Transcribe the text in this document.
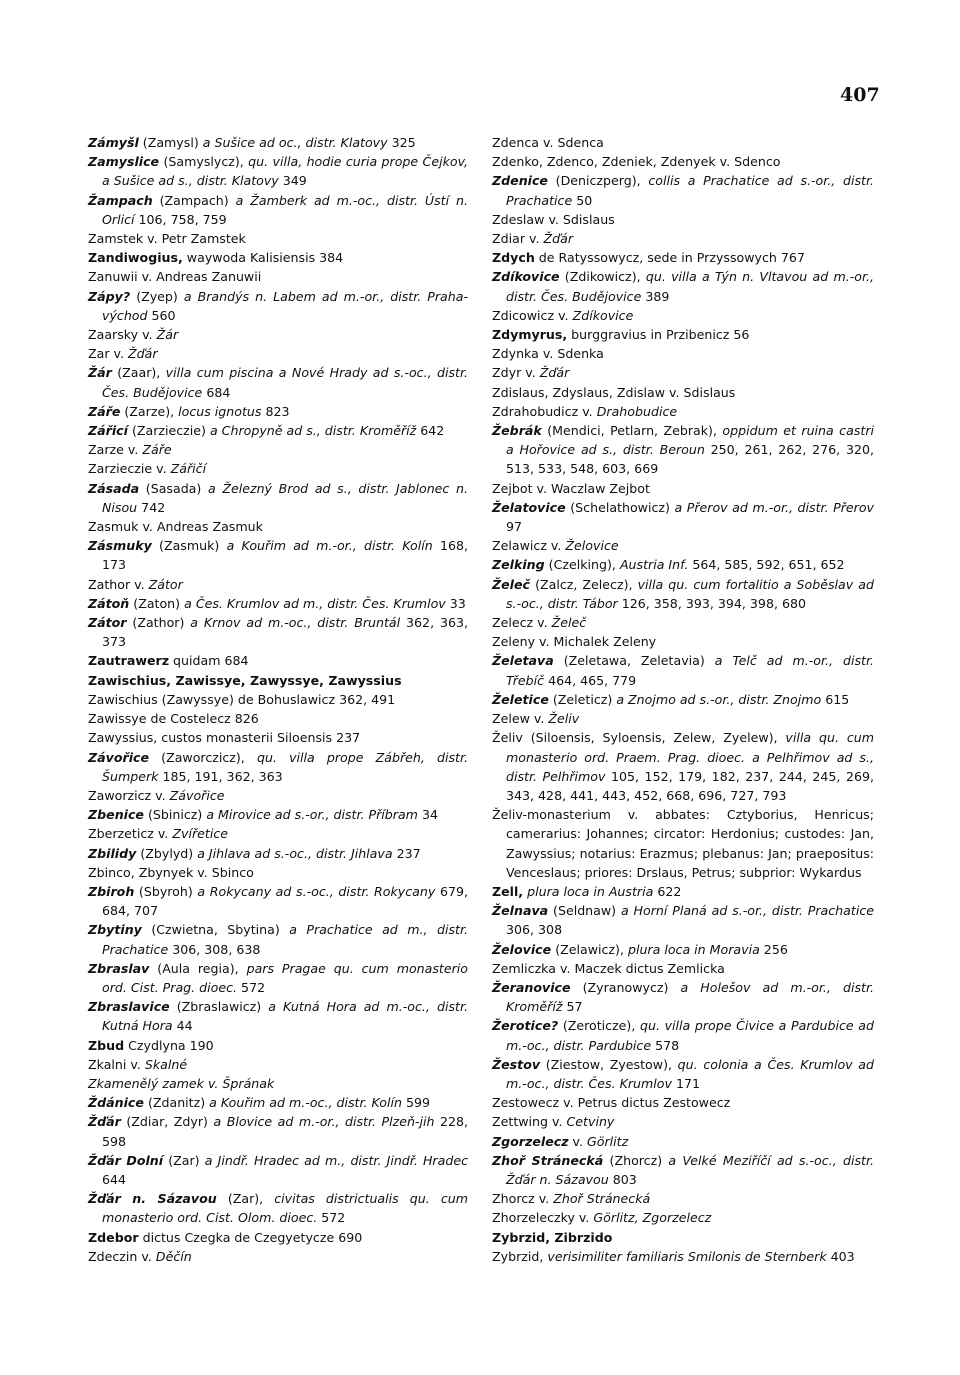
407
Zámyšl (Zamysl) a Sušice ad oc., distr. Klatovy 325
Zamyslice (Samyslycz), qu. villa, hodie curia prope Čejkov, a Sušice ad s., distr. Klatovy 349
Žampach (Zampach) a Žamberk ad m.-oc., distr. Ústí n. Orlicí 106, 758, 759
Zamstek v. Petr Zamstek
Zandiwogius, waywoda Kalisiensis 384
Zanuwii v. Andreas Zanuwii
Zápy? (Zyep) a Brandýs n. Labem ad m.-or., distr. Praha-východ 560
Zaarsky v. Žár
Zar v. Žďár
Žár (Zaar), villa cum piscina a Nové Hrady ad s.-oc., distr. Čes. Budějovice 684
Záře (Zarze), locus ignotus 823
Zářicí (Zarzieczie) a Chropyně ad s., distr. Kroměříž 642
Zarze v. Záře
Zarzieczie v. Zářičí
Zásada (Sasada) a Železný Brod ad s., distr. Jablonec n. Nisou 742
Zasmuk v. Andreas Zasmuk
Zásmuky (Zasmuk) a Kouřim ad m.-or., distr. Kolín 168, 173
Zathor v. Zátor
Zátoň (Zaton) a Čes. Krumlov ad m., distr. Čes. Krumlov 33
Zátor (Zathor) a Krnov ad m.-oc., distr. Bruntál 362, 363, 373
Zautrawerz quidam 684
Zawischius, Zawissye, Zawyssye, Zawyssius
Zawischius (Zawyssye) de Bohuslawicz 362, 491
Zawissye de Costelecz 826
Zawyssius, custos monasterii Siloensis 237
Závořice (Zaworczicz), qu. villa prope Zábřeh, distr. Šumperk 185, 191, 362, 363
Zaworzicz v. Závořice
Zbenice (Sbinicz) a Mirovice ad s.-or., distr. Příbram 34
Zberzeticz v. Zvířetice
Zbilidy (Zbylyd) a Jihlava ad s.-oc., distr. Jihlava 237
Zbinco, Zbynyek v. Sbinco
Zbiroh (Sbyroh) a Rokycany ad s.-oc., distr. Rokycany 679, 684, 707
Zbytiny (Czwietna, Sbytina) a Prachatice ad m., distr. Prachatice 306, 308, 638
Zbraslav (Aula regia), pars Pragae qu. cum monasterio ord. Cist. Prag. dioec. 572
Zbraslavice (Zbraslawicz) a Kutná Hora ad m.-oc., distr. Kutná Hora 44
Zbud Czydlyna 190
Zkalni v. Skalné
Zkamenělý zamek v. Šprának
Ždánice (Zdanitz) a Kouřim ad m.-oc., distr. Kolín 599
Žďár (Zdiar, Zdyr) a Blovice ad m.-or., distr. Plzeň-jih 228, 598
Žďár Dolní (Zar) a Jindř. Hradec ad m., distr. Jindř. Hradec 644
Žďár n. Sázavou (Zar), civitas districtualis qu. cum monasterio ord. Cist. Olom. dioec. 572
Zdebor dictus Czegka de Czegyetycze 690
Zdeczin v. Děčín
Zdenca v. Sdenca
Zdenko, Zdenco, Zdeniek, Zdenyek v. Sdenco
Zdenice (Deniczperg), collis a Prachatice ad s.-or., distr. Prachatice 50
Zdeslaw v. Sdislaus
Zdiar v. Žďár
Zdych de Ratyssowycz, sede in Przyssowych 767
Zdíkovice (Zdikowicz), qu. villa a Týn n. Vltavou ad m.-or., distr. Čes. Budějovice 389
Zdicowicz v. Zdíkovice
Zdymyrus, burggravius in Przibenicz 56
Zdynka v. Sdenka
Zdyr v. Žďár
Zdislaus, Zdyslaus, Zdislaw v. Sdislaus
Zdrahobudicz v. Drahobudice
Žebrák (Mendici, Petlarn, Zebrak), oppidum et ruina castri a Hořovice ad s., distr. Beroun 250, 261, 262, 276, 320, 513, 533, 548, 603, 669
Zejbot v. Waczlaw Zejbot
Želatovice (Schelathowicz) a Přerov ad m.-or., distr. Přerov 97
Zelawicz v. Želovice
Zelking (Czelking), Austria Inf. 564, 585, 592, 651, 652
Želeč (Zalcz, Zelecz), villa qu. cum fortalitio a Soběslav ad s.-oc., distr. Tábor 126, 358, 393, 394, 398, 680
Zelecz v. Želeč
Zeleny v. Michalek Zeleny
Želetava (Zeletawa, Zeletavia) a Telč ad m.-or., distr. Třebíč 464, 465, 779
Želetice (Zeleticz) a Znojmo ad s.-or., distr. Znojmo 615
Zelew v. Želiv
Želiv (Siloensis, Syloensis, Zelew, Zyelew), villa qu. cum monasterio ord. Praem. Prag. dioec. a Pelhřimov ad s., distr. Pelhřimov 105, 152, 179, 182, 237, 244, 245, 269, 343, 428, 441, 443, 452, 668, 696, 727, 793
Želiv-monasterium v. abbates: Cztyborius, Henricus; camerarius: Johannes; circator: Herdonius; custodes: Jan, Zawyssius; notarius: Erazmus; plebanus: Jan; praepositus: Venceslaus; priores: Drslaus, Petrus; subprior: Wykardus
Zell, plura loca in Austria 622
Želnava (Seldnaw) a Horní Planá ad s.-or., distr. Prachatice 306, 308
Želovice (Zelawicz), plura loca in Moravia 256
Zemliczka v. Maczek dictus Zemlicka
Žeranovice (Zyranowycz) a Holešov ad m.-or., distr. Kroměříž 57
Žerotice? (Zeroticze), qu. villa prope Čivice a Pardubice ad m.-oc., distr. Pardubice 578
Žestov (Ziestow, Zyestow), qu. colonia a Čes. Krumlov ad m.-oc., distr. Čes. Krumlov 171
Zestowecz v. Petrus dictus Zestowecz
Zettwing v. Cetviny
Zgorzelecz v. Görlitz
Zhoř Stránecká (Zhorcz) a Velké Meziříčí ad s.-oc., distr. Žďár n. Sázavou 803
Zhorcz v. Zhoř Stránecká
Zhorzeleczky v. Görlitz, Zgorzelecz
Zybrzid, Zibrzido
Zybrzid, verisimiliter familiaris Smilonis de Sternberk 403
